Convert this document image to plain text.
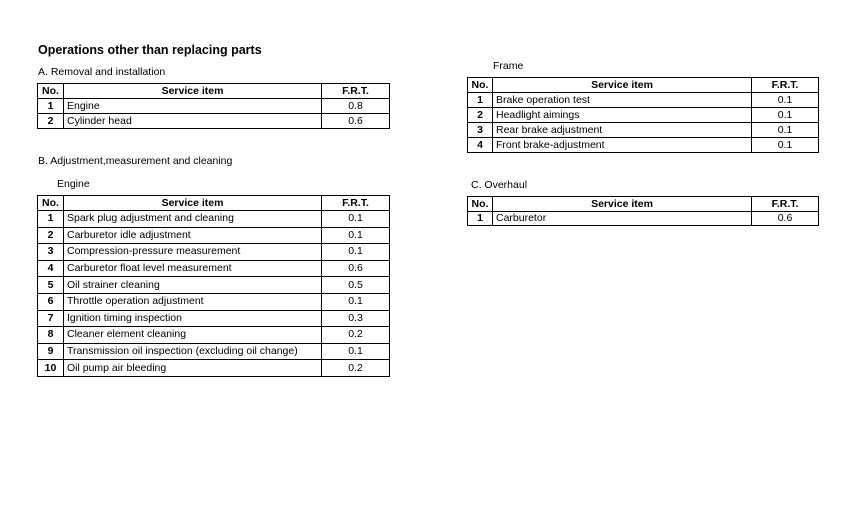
Operations other than replacing parts
A. Removal and installation
No.	Service item	F.R.T.
1	Engine	0.8
2	Cylinder head	0.6
B. Adjustment,measurement and cleaning
Engine
No.	Service item	F.R.T.
1	Spark plug adjustment and cleaning	0.1
2	Carburetor idle adjustment	0.1
3	Compression-pressure measurement	0.1
4	Carburetor float level measurement	0.6
5	Oil strainer cleaning	0.5
6	Throttle operation adjustment	0.1
7	Ignition timing inspection	0.3
8	Cleaner element cleaning	0.2
9	Transmission oil inspection (excluding oil change)	0.1
10	Oil pump air bleeding	0.2
Frame
No.	Service item	F.R.T.
1	Brake operation test	0.1
2	Headlight aimings	0.1
3	Rear brake adjustment	0.1
4	Front brake-adjustment	0.1
C. Overhaul
No.	Service item	F.R.T.
1	Carburetor	0.6
